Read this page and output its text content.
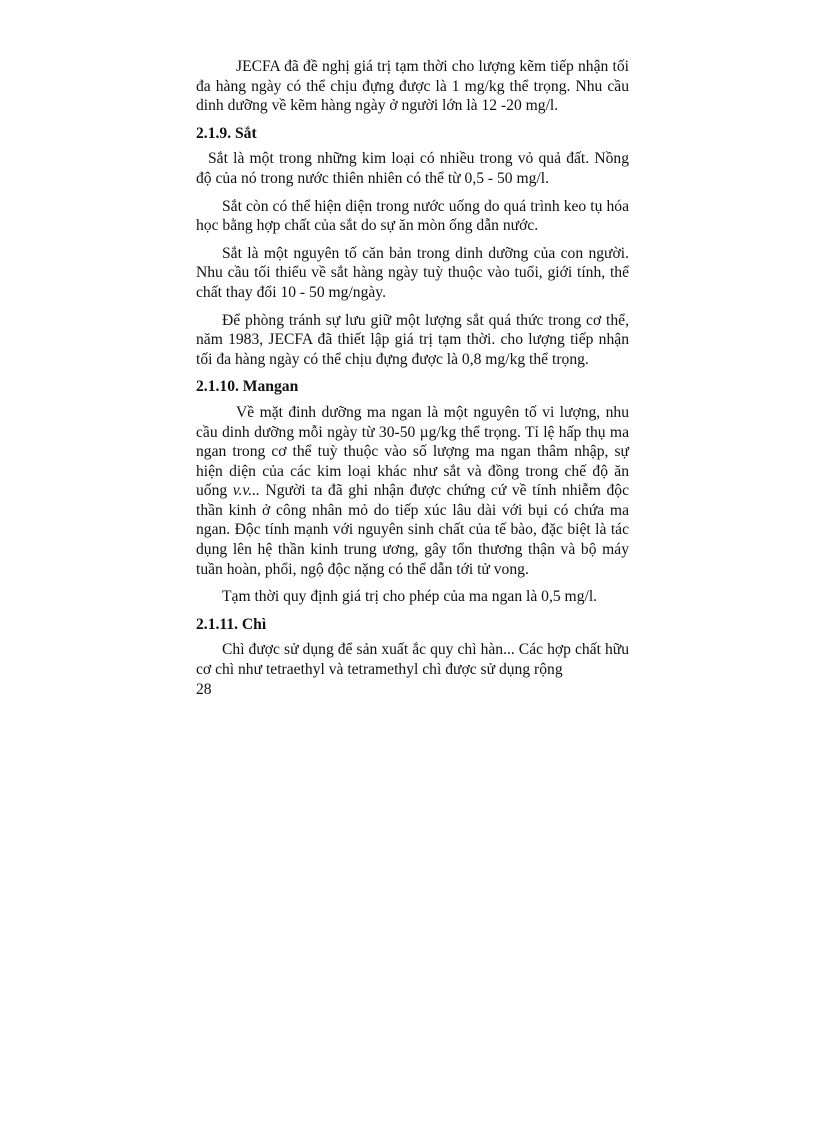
JECFA đã đề nghị giá trị tạm thời cho lượng kẽm tiếp nhận tối đa hàng ngày có thể chịu đựng được là 1 mg/kg thể trọng. Nhu cầu dinh dưỡng về kẽm hàng ngày ở người lớn là 12 -20 mg/l.

2.1.9. Sắt

Sắt là một trong những kim loại có nhiều trong vỏ quả đất. Nồng độ của nó trong nước thiên nhiên có thể từ 0,5 - 50 mg/l.

Sắt còn có thể hiện diện trong nước uống do quá trình keo tụ hóa học bằng hợp chất của sắt do sự ăn mòn ống dẫn nước.

Sắt là một nguyên tố căn bản trong dinh dưỡng của con người. Nhu cầu tối thiểu về sắt hàng ngày tuỳ thuộc vào tuổi, giới tính, thể chất thay đổi 10 - 50 mg/ngày.

Để phòng tránh sự lưu giữ một lượng sắt quá thức trong cơ thể, năm 1983, JECFA đã thiết lập giá trị tạm thời. cho lượng tiếp nhận tối đa hàng ngày có thể chịu đựng được là 0,8 mg/kg thể trọng.

2.1.10. Mangan

Về mặt đinh dưỡng ma ngan là một nguyên tố vi lượng, nhu cầu dinh dưỡng mỗi ngày từ 30-50 µg/kg thể trọng. Tỉ lệ hấp thụ ma ngan trong cơ thể tuỳ thuộc vào số lượng ma ngan thâm nhập, sự hiện diện của các kim loại khác như sắt và đồng trong chế độ ăn uống v.v... Người ta đã ghi nhận được chứng cứ về tính nhiễm độc thần kinh ở công nhân mỏ do tiếp xúc lâu dài với bụi có chứa ma ngan. Độc tính mạnh với nguyên sinh chất của tế bào, đặc biệt là tác dụng lên hệ thần kinh trung ương, gây tổn thương thận và bộ máy tuần hoàn, phổi, ngộ độc nặng có thể dẫn tới tử vong.

Tạm thời quy định giá trị cho phép của ma ngan là 0,5 mg/l.

2.1.11. Chì

Chì được sử dụng để sản xuất ắc quy chì hàn... Các hợp chất hữu cơ chì như tetraethyl và tetramethyl chì được sử dụng rộng

28
